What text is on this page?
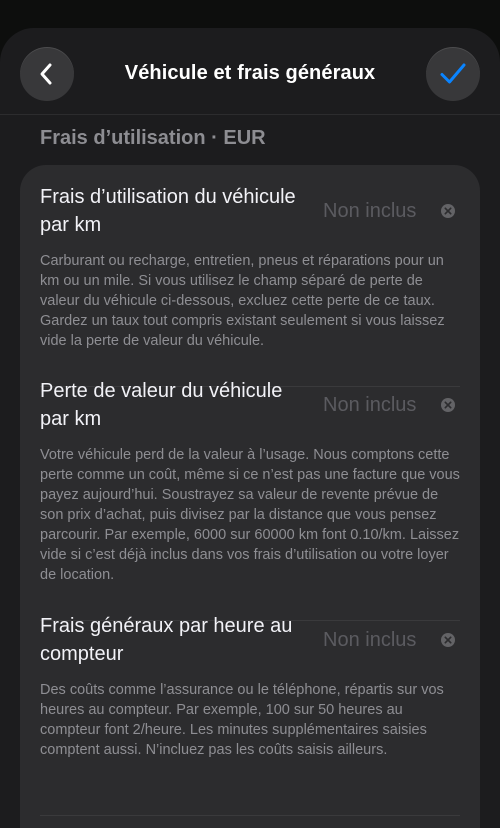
Véhicule et frais généraux
Frais d’utilisation · EUR
Frais d’utilisation du véhicule par km
Non inclus
Carburant ou recharge, entretien, pneus et réparations pour un km ou un mile. Si vous utilisez le champ séparé de perte de valeur du véhicule ci-dessous, excluez cette perte de ce taux. Gardez un taux tout compris existant seulement si vous laissez vide la perte de valeur du véhicule.
Perte de valeur du véhicule par km
Non inclus
Votre véhicule perd de la valeur à l’usage. Nous comptons cette perte comme un coût, même si ce n’est pas une facture que vous payez aujourd’hui. Soustrayez sa valeur de revente prévue de son prix d’achat, puis divisez par la distance que vous pensez parcourir. Par exemple, 6000 sur 60000 km font 0.10/km. Laissez vide si c’est déjà inclus dans vos frais d’utilisation ou votre loyer de location.
Frais généraux par heure au compteur
Non inclus
Des coûts comme l’assurance ou le téléphone, répartis sur vos heures au compteur. Par exemple, 100 sur 50 heures au compteur font 2/heure. Les minutes supplémentaires saisies comptent aussi. N’incluez pas les coûts saisis ailleurs.
